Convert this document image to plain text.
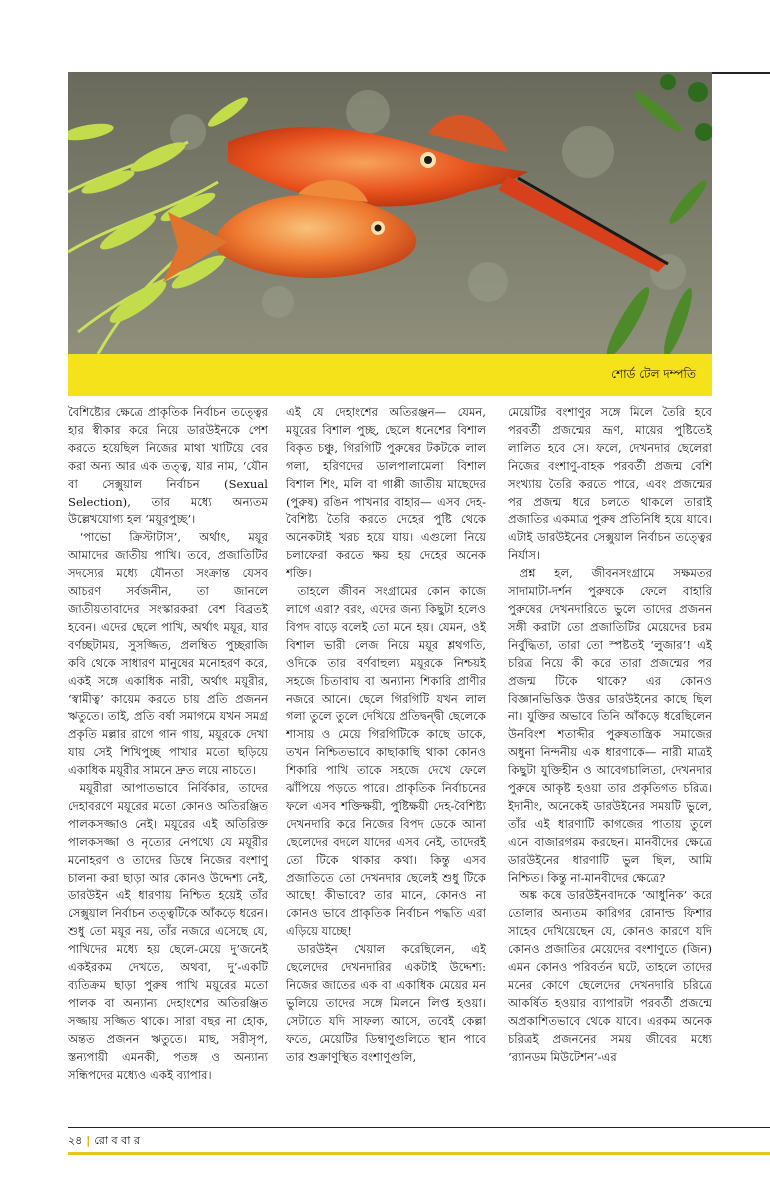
শোর্ড টেল দম্পতি

বৈশিষ্ট্যের ক্ষেত্রে প্রাকৃতিক নির্বাচন তত্ত্বের হার স্বীকার করে নিয়ে ডারউইনকে পেশ করতে হয়েছিল নিজের মাথা খাটিয়ে বের করা অন্য আর এক তত্ত্ব, যার নাম, ‘যৌন বা সেক্সুয়াল নির্বাচন (Sexual Selection), তার মধ্যে অন্যতম উল্লেখযোগ্য হল ‘ময়ূরপুচ্ছ’।

‘পাভো ক্রিস্টাটাস’, অর্থাৎ, ময়ূর আমাদের জাতীয় পাখি। তবে, প্রজাতিটির সদস্যের মধ্যে যৌনতা সংক্রান্ত যেসব আচরণ সর্বজনীন, তা জানলে জাতীয়তাবাদের সংস্কারকরা বেশ বিব্রতই হবেন। এদের ছেলে পাখি, অর্থাৎ ময়ূর, যার বর্ণচ্ছটাময়, সুসজ্জিত, প্রলম্বিত পুচ্ছরাজি কবি থেকে সাধারণ মানুষের মনোহরণ করে, একই সঙ্গে একাধিক নারী, অর্থাৎ ময়ূরীর, ‘স্বামীত্ব’ কায়েম করতে চায় প্রতি প্রজনন ঋতুতে। তাই, প্রতি বর্ষা সমাগমে যখন সমগ্র প্রকৃতি মল্লার রাগে গান গায়, ময়ূরকে দেখা যায় সেই শিখিপুচ্ছ পাখার মতো ছড়িয়ে একাধিক ময়ূরীর সামনে দ্রুত লয়ে নাচতে।

ময়ূরীরা আপাতভাবে নির্বিকার, তাদের দেহাবরণে ময়ূরের মতো কোনও অতিরঞ্জিত পালকসজ্জাও নেই। ময়ূরের এই অতিরিক্ত পালকসজ্জা ও নৃত্যের নেপথ্যে যে ময়ূরীর মনোহরণ ও তাদের ডিম্বে নিজের বংশাণু চালনা করা ছাড়া আর কোনও উদ্দেশ্য নেই, ডারউইন এই ধারণায় নিশ্চিত হয়েই তাঁর সেক্সুয়াল নির্বাচন তত্ত্বটিকে আঁকড়ে ধরেন। শুধু তো ময়ূর নয়, তাঁর নজরে এসেছে যে, পাখিদের মধ্যে হয় ছেলে-মেয়ে দু’জনেই একইরকম দেখতে, অথবা, দু’-একটি ব্যতিক্রম ছাড়া পুরুষ পাখি ময়ূরের মতো পালক বা অন্যান্য দেহাংশের অতিরঞ্জিত সজ্জায় সজ্জিত থাকে। সারা বছর না হোক, অন্তত প্রজনন ঋতুতে। মাছ, সরীসৃপ, স্তন্যপায়ী এমনকী, পতঙ্গ ও অন্যান্য সন্ধিপদের মধ্যেও একই ব্যাপার।

এই যে দেহাংশের অতিরঞ্জন— যেমন, ময়ূরের বিশাল পুচ্ছ, ছেলে ধনেশের বিশাল বিকৃত চঞ্চু, গিরগিটি পুরুষের টকটকে লাল গলা, হরিণদের ডালপালামেলা বিশাল বিশাল শিং, মলি বা গাপ্পী জাতীয় মাছেদের (পুরুষ) রঙিন পাখনার বাহার— এসব দেহ-বৈশিষ্ট্য তৈরি করতে দেহের পুষ্টি থেকে অনেকটাই খরচ হয়ে যায়। এগুলো নিয়ে চলাফেরা করতে ক্ষয় হয় দেহের অনেক শক্তি।

তাহলে জীবন সংগ্রামের কোন কাজে লাগে এরা? বরং, এদের জন্য কিছুটা হলেও বিপদ বাড়ে বলেই তো মনে হয়। যেমন, ওই বিশাল ভারী লেজ নিয়ে ময়ূর শ্লথগতি, ওদিকে তার বর্ণবাহুল্য ময়ূরকে নিশ্চয়ই সহজে চিতাবাঘ বা অন্যান্য শিকারি প্রাণীর নজরে আনে। ছেলে গিরগিটি যখন লাল গলা তুলে তুলে দেখিয়ে প্রতিদ্বন্দ্বী ছেলেকে শাসায় ও মেয়ে গিরগিটিকে কাছে ডাকে, তখন নিশ্চিতভাবে কাছাকাছি থাকা কোনও শিকারি পাখি তাকে সহজে দেখে ফেলে ঝাঁপিয়ে পড়তে পারে। প্রাকৃতিক নির্বাচনের ফলে এসব শক্তিক্ষয়ী, পুষ্টিক্ষয়ী দেহ-বৈশিষ্ট্য দেখনদারি করে নিজের বিপদ ডেকে আনা ছেলেদের বদলে যাদের এসব নেই, তাদেরই তো টিকে থাকার কথা। কিন্তু এসব প্রজাতিতে তো দেখনদার ছেলেই শুধু টিকে আছে! কীভাবে? তার মানে, কোনও না কোনও ভাবে প্রাকৃতিক নির্বাচন পদ্ধতি এরা এড়িয়ে যাচ্ছে!

ডারউইন খেয়াল করেছিলেন, এই ছেলেদের দেখনদারির একটাই উদ্দেশ্য: নিজের জাতের এক বা একাধিক মেয়ের মন ভুলিয়ে তাদের সঙ্গে মিলনে লিপ্ত হওয়া। সেটাতে যদি সাফল্য আসে, তবেই কেল্লা ফতে, মেয়েটির ডিম্বাণুগুলিতে স্থান পাবে তার শুক্রাণুস্থিত বংশাণুগুলি,

মেয়েটির বংশাণুর সঙ্গে মিলে তৈরি হবে পরবর্তী প্রজন্মের ভ্রূণ, মায়ের পুষ্টিতেই লালিত হবে সে। ফলে, দেখনদার ছেলেরা নিজের বংশাণু-বাহক পরবর্তী প্রজন্ম বেশি সংখ্যায় তৈরি করতে পারে, এবং প্রজন্মের পর প্রজন্ম ধরে চলতে থাকলে তারাই প্রজাতির একমাত্র পুরুষ প্রতিনিধি হয়ে যাবে। এটাই ডারউইনের সেক্সুয়াল নির্বাচন তত্ত্বের নির্যাস।

প্রশ্ন হল, জীবনসংগ্রামে সক্ষমতর সাদামাটা-দর্শন পুরুষকে ফেলে বাহারি পুরুষের দেখনদারিতে ভুলে তাদের প্রজনন সঙ্গী করাটা তো প্রজাতিটির মেয়েদের চরম নির্বুদ্ধিতা, তারা তো স্পষ্টতই ‘লুজার’! এই চরিত্র নিয়ে কী করে তারা প্রজন্মের পর প্রজন্ম টিকে থাকে? এর কোনও বিজ্ঞানভিত্তিক উত্তর ডারউইনের কাছে ছিল না। যুক্তির অভাবে তিনি আঁকড়ে ধরেছিলেন উনবিংশ শতাব্দীর পুরুষতান্ত্রিক সমাজের অধুনা নিন্দনীয় এক ধারণাকে— নারী মাত্রই কিছুটা যুক্তিহীন ও আবেগচালিতা, দেখনদার পুরুষে আকৃষ্ট হওয়া তার প্রকৃতিগত চরিত্র। ইদানীং, অনেকেই ডারউইনের সময়টি ভুলে, তাঁর এই ধারণাটি কাগজের পাতায় তুলে এনে বাজারগরম করছেন। মানবীদের ক্ষেত্রে ডারউইনের ধারণাটি ভুল ছিল, আমি নিশ্চিত। কিন্তু না-মানবীদের ক্ষেত্রে?

অঙ্ক কষে ডারউইনবাদকে ‘আধুনিক’ করে তোলার অন্যতম কারিগর রোনাল্ড ফিশার সাহেব দেখিয়েছেন যে, কোনও কারণে যদি কোনও প্রজাতির মেয়েদের বংশাণুতে (জিন) এমন কোনও পরিবর্তন ঘটে, তাহলে তাদের মনের কোণে ছেলেদের দেখনদারি চরিত্রে আকর্ষিত হওয়ার ব্যাপারটা পরবর্তী প্রজন্মে অপ্রকাশিতভাবে থেকে যাবে। এরকম অনেক চরিত্রই প্রজননের সময় জীবের মধ্যে ‘র‍্যানডম মিউটেশন’-এর

২৪ | রো ব বা র
